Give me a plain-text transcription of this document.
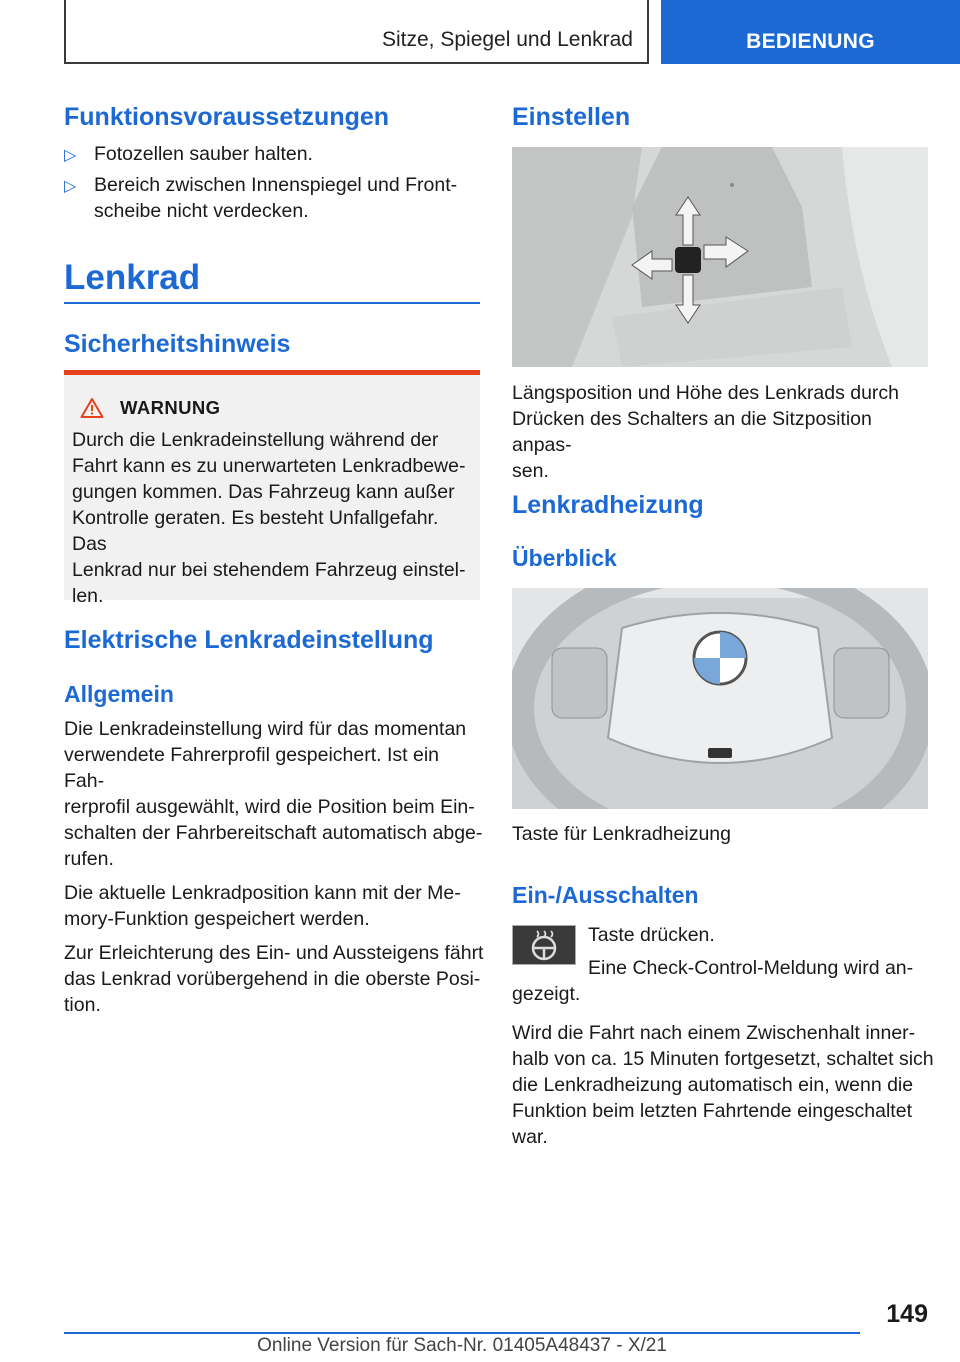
Sitze, Spiegel und Lenkrad	BEDIENUNG
Funktionsvoraussetzungen
▷ Fotozellen sauber halten.
▷ Bereich zwischen Innenspiegel und Front-
scheibe nicht verdecken.
Lenkrad
Sicherheitshinweis
WARNUNG
Durch die Lenkradeinstellung während der
Fahrt kann es zu unerwarteten Lenkradbewe-
gungen kommen. Das Fahrzeug kann außer
Kontrolle geraten. Es besteht Unfallgefahr. Das
Lenkrad nur bei stehendem Fahrzeug einstel-
len.
Elektrische Lenkradeinstellung
Allgemein
Die Lenkradeinstellung wird für das momentan
verwendete Fahrerprofil gespeichert. Ist ein Fah-
rerprofil ausgewählt, wird die Position beim Ein-
schalten der Fahrbereitschaft automatisch abge-
rufen.
Die aktuelle Lenkradposition kann mit der Me-
mory-Funktion gespeichert werden.
Zur Erleichterung des Ein- und Aussteigens fährt
das Lenkrad vorübergehend in die oberste Posi-
tion.
Einstellen
Längsposition und Höhe des Lenkrads durch
Drücken des Schalters an die Sitzposition anpas-
sen.
Lenkradheizung
Überblick
Taste für Lenkradheizung
Ein-/Ausschalten
Taste drücken.
Eine Check-Control-Meldung wird an-
gezeigt.
Wird die Fahrt nach einem Zwischenhalt inner-
halb von ca. 15 Minuten fortgesetzt, schaltet sich
die Lenkradheizung automatisch ein, wenn die
Funktion beim letzten Fahrtende eingeschaltet
war.
149
Online Version für Sach-Nr. 01405A48437 - X/21
